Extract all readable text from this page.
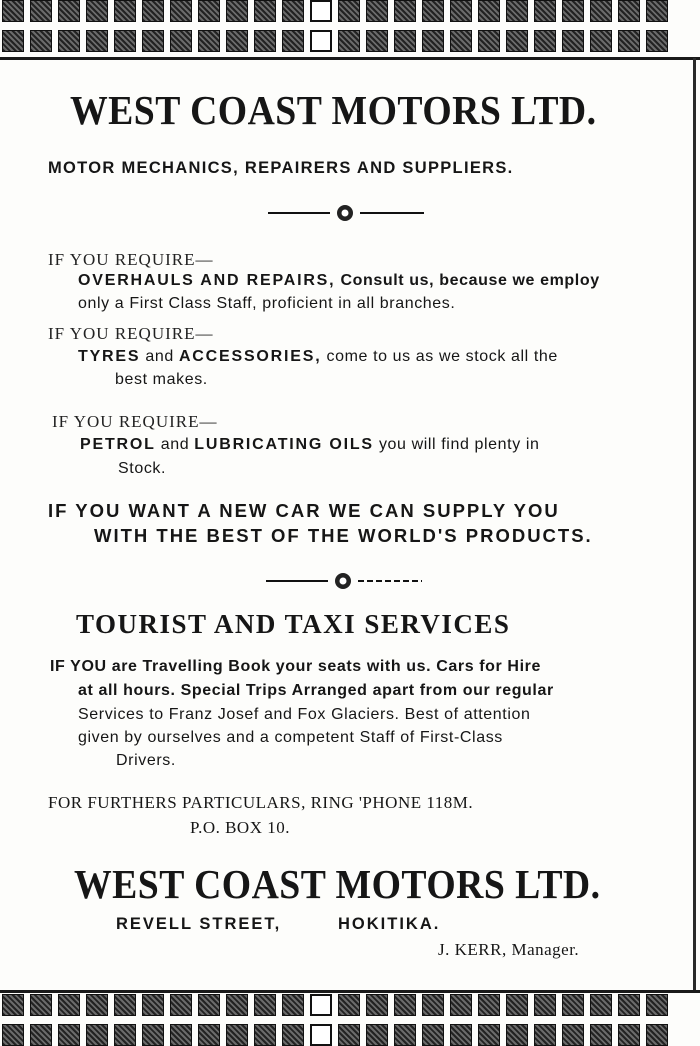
WEST COAST MOTORS LTD.
MOTOR MECHANICS, REPAIRERS AND SUPPLIERS.
IF YOU REQUIRE—
OVERHAULS AND REPAIRS, Consult us, because we employ
only a First Class Staff, proficient in all branches.
IF YOU REQUIRE—
TYRES and ACCESSORIES, come to us as we stock all the
best makes.
IF YOU REQUIRE—
PETROL and LUBRICATING OILS you will find plenty in
Stock.
IF YOU WANT A NEW CAR WE CAN SUPPLY YOU
WITH THE BEST OF THE WORLD'S PRODUCTS.
TOURIST AND TAXI SERVICES
IF YOU are Travelling Book your seats with us. Cars for Hire
at all hours. Special Trips Arranged apart from our regular
Services to Franz Josef and Fox Glaciers. Best of attention
given by ourselves and a competent Staff of First-Class
Drivers.
FOR FURTHERS PARTICULARS, RING 'PHONE 118M.
P.O. BOX 10.
WEST COAST MOTORS LTD.
REVELL STREET,	HOKITIKA.
J. KERR, Manager.
